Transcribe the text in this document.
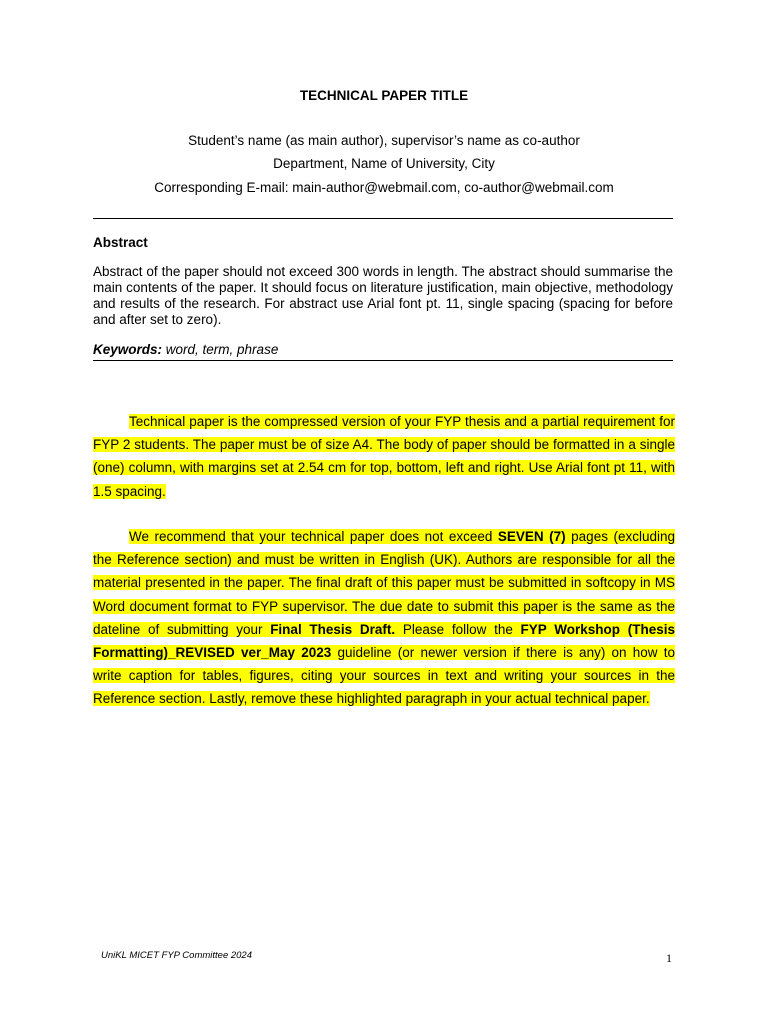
TECHNICAL PAPER TITLE
Student’s name (as main author), supervisor’s name as co-author
Department, Name of University, City
Corresponding E-mail: main-author@webmail.com, co-author@webmail.com
Abstract
Abstract of the paper should not exceed 300 words in length. The abstract should summarise the main contents of the paper. It should focus on literature justification, main objective, methodology and results of the research. For abstract use Arial font pt. 11, single spacing (spacing for before and after set to zero).
Keywords: word, term, phrase

Technical paper is the compressed version of your FYP thesis and a partial requirement for FYP 2 students. The paper must be of size A4. The body of paper should be formatted in a single (one) column, with margins set at 2.54 cm for top, bottom, left and right. Use Arial font pt 11, with 1.5 spacing.

We recommend that your technical paper does not exceed SEVEN (7) pages (excluding the Reference section) and must be written in English (UK). Authors are responsible for all the material presented in the paper. The final draft of this paper must be submitted in softcopy in MS Word document format to FYP supervisor. The due date to submit this paper is the same as the dateline of submitting your Final Thesis Draft. Please follow the FYP Workshop (Thesis Formatting)_REVISED ver_May 2023 guideline (or newer version if there is any) on how to write caption for tables, figures, citing your sources in text and writing your sources in the Reference section. Lastly, remove these highlighted paragraph in your actual technical paper.

UniKL MICET FYP Committee 2024	1
